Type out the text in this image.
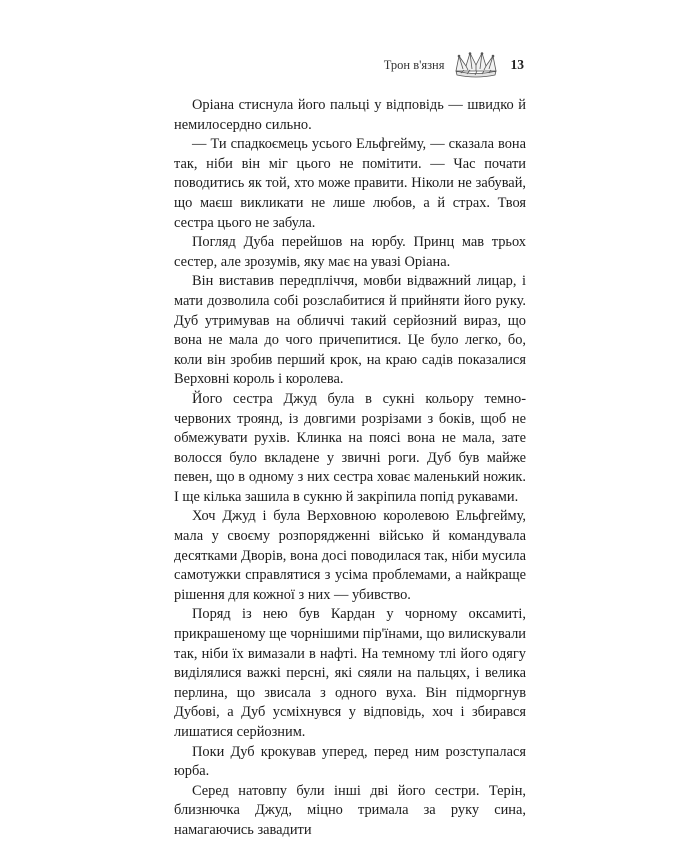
Трон в'язня	13

Оріана стиснула його пальці у відповідь — швидко й немилосердно сильно.

— Ти спадкоємець усього Ельфгейму, — сказала вона так, ніби він міг цього не помітити. — Час почати поводитись як той, хто може правити. Ніколи не забувай, що маєш викликати не лише любов, а й страх. Твоя сестра цього не забула.

Погляд Дуба перейшов на юрбу. Принц мав трьох сестер, але зрозумів, яку має на увазі Оріана.

Він виставив передпліччя, мовби відважний лицар, і мати дозволила собі розслабитися й прийняти його руку. Дуб утримував на обличчі такий серйозний вираз, що вона не мала до чого причепитися. Це було легко, бо, коли він зробив перший крок, на краю садів показалися Верховні король і королева.

Його сестра Джуд була в сукні кольору темно-червоних троянд, із довгими розрізами з боків, щоб не обмежувати рухів. Клинка на поясі вона не мала, зате волосся було вкладене у звичні роги. Дуб був майже певен, що в одному з них сестра ховає маленький ножик. І ще кілька зашила в сукню й закріпила попід рукавами.

Хоч Джуд і була Верховною королевою Ельфгейму, мала у своєму розпорядженні військо й командувала десятками Дворів, вона досі поводилася так, ніби мусила самотужки справлятися з усіма проблемами, а найкраще рішення для кожної з них — убивство.

Поряд із нею був Кардан у чорному оксамиті, прикрашеному ще чорнішими пір'їнами, що вилискували так, ніби їх вимазали в нафті. На темному тлі його одягу виділялися важкі персні, які сяяли на пальцях, і велика перлина, що звисала з одного вуха. Він підморгнув Дубові, а Дуб усміхнувся у відповідь, хоч і збирався лишатися серйозним.

Поки Дуб крокував уперед, перед ним розступалася юрба.

Серед натовпу були інші дві його сестри. Терін, близнючка Джуд, міцно тримала за руку сина, намагаючись завадити
